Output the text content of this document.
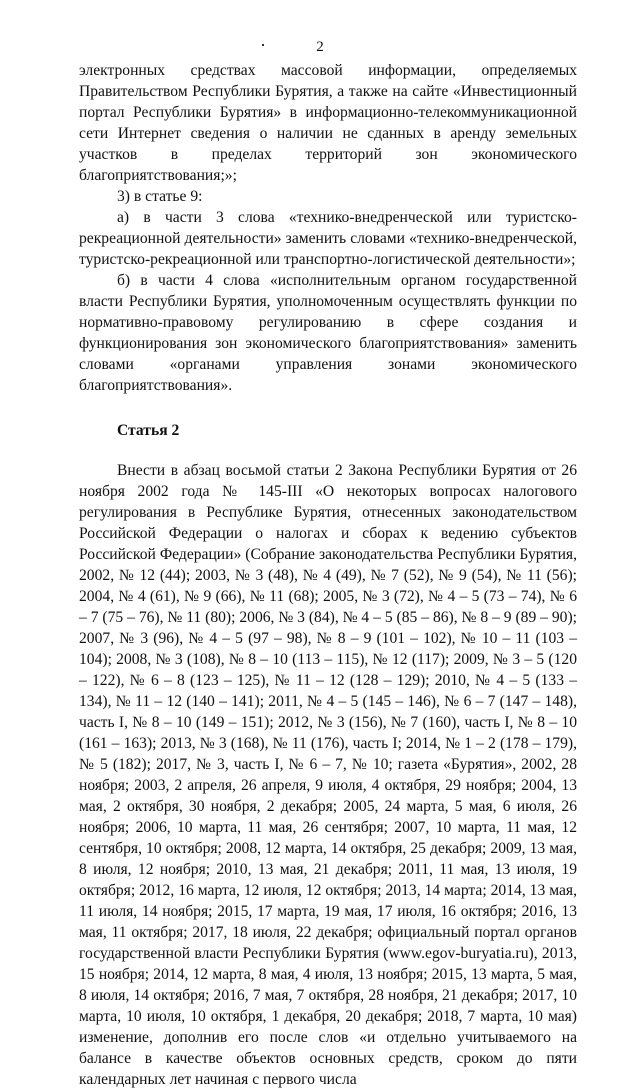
2

электронных средствах массовой информации, определяемых Правительством Республики Бурятия, а также на сайте «Инвестиционный портал Республики Бурятия» в информационно-телекоммуникационной сети Интернет сведения о наличии не сданных в аренду земельных участков в пределах территорий зон экономического благоприятствования;»;

3) в статье 9:

а) в части 3 слова «технико-внедренческой или туристско-рекреационной деятельности» заменить словами «технико-внедренческой, туристско-рекреационной или транспортно-логистической деятельности»;

б) в части 4 слова «исполнительным органом государственной власти Республики Бурятия, уполномоченным осуществлять функции по нормативно-правовому регулированию в сфере создания и функционирования зон экономического благоприятствования» заменить словами «органами управления зонами экономического благоприятствования».

Статья 2

Внести в абзац восьмой статьи 2 Закона Республики Бурятия от 26 ноября 2002 года № 145-III «О некоторых вопросах налогового регулирования в Республике Бурятия, отнесенных законодательством Российской Федерации о налогах и сборах к ведению субъектов Российской Федерации» (Собрание законодательства Республики Бурятия, 2002, № 12 (44); 2003, № 3 (48), № 4 (49), № 7 (52), № 9 (54), № 11 (56); 2004, № 4 (61), № 9 (66), № 11 (68); 2005, № 3 (72), № 4 – 5 (73 – 74), № 6 – 7 (75 – 76), № 11 (80); 2006, № 3 (84), № 4 – 5 (85 – 86), № 8 – 9 (89 – 90); 2007, № 3 (96), № 4 – 5 (97 – 98), № 8 – 9 (101 – 102), № 10 – 11 (103 – 104); 2008, № 3 (108), № 8 – 10 (113 – 115), № 12 (117); 2009, № 3 – 5 (120 – 122), № 6 – 8 (123 – 125), № 11 – 12 (128 – 129); 2010, № 4 – 5 (133 – 134), № 11 – 12 (140 – 141); 2011, № 4 – 5 (145 – 146), № 6 – 7 (147 – 148), часть I, № 8 – 10 (149 – 151); 2012, № 3 (156), № 7 (160), часть I, № 8 – 10 (161 – 163); 2013, № 3 (168), № 11 (176), часть I; 2014, № 1 – 2 (178 – 179), № 5 (182); 2017, № 3, часть I, № 6 – 7, № 10; газета «Бурятия», 2002, 28 ноября; 2003, 2 апреля, 26 апреля, 9 июля, 4 октября, 29 ноября; 2004, 13 мая, 2 октября, 30 ноября, 2 декабря; 2005, 24 марта, 5 мая, 6 июля, 26 ноября; 2006, 10 марта, 11 мая, 26 сентября; 2007, 10 марта, 11 мая, 12 сентября, 10 октября; 2008, 12 марта, 14 октября, 25 декабря; 2009, 13 мая, 8 июля, 12 ноября; 2010, 13 мая, 21 декабря; 2011, 11 мая, 13 июля, 19 октября; 2012, 16 марта, 12 июля, 12 октября; 2013, 14 марта; 2014, 13 мая, 11 июля, 14 ноября; 2015, 17 марта, 19 мая, 17 июля, 16 октября; 2016, 13 мая, 11 октября; 2017, 18 июля, 22 декабря; официальный портал органов государственной власти Республики Бурятия (www.egov-buryatia.ru), 2013, 15 ноября; 2014, 12 марта, 8 мая, 4 июля, 13 ноября; 2015, 13 марта, 5 мая, 8 июля, 14 октября; 2016, 7 мая, 7 октября, 28 ноября, 21 декабря; 2017, 10 марта, 10 июля, 10 октября, 1 декабря, 20 декабря; 2018, 7 марта, 10 мая) изменение, дополнив его после слов «и отдельно учитываемого на балансе в качестве объектов основных средств, сроком до пяти календарных лет начиная с первого числа
